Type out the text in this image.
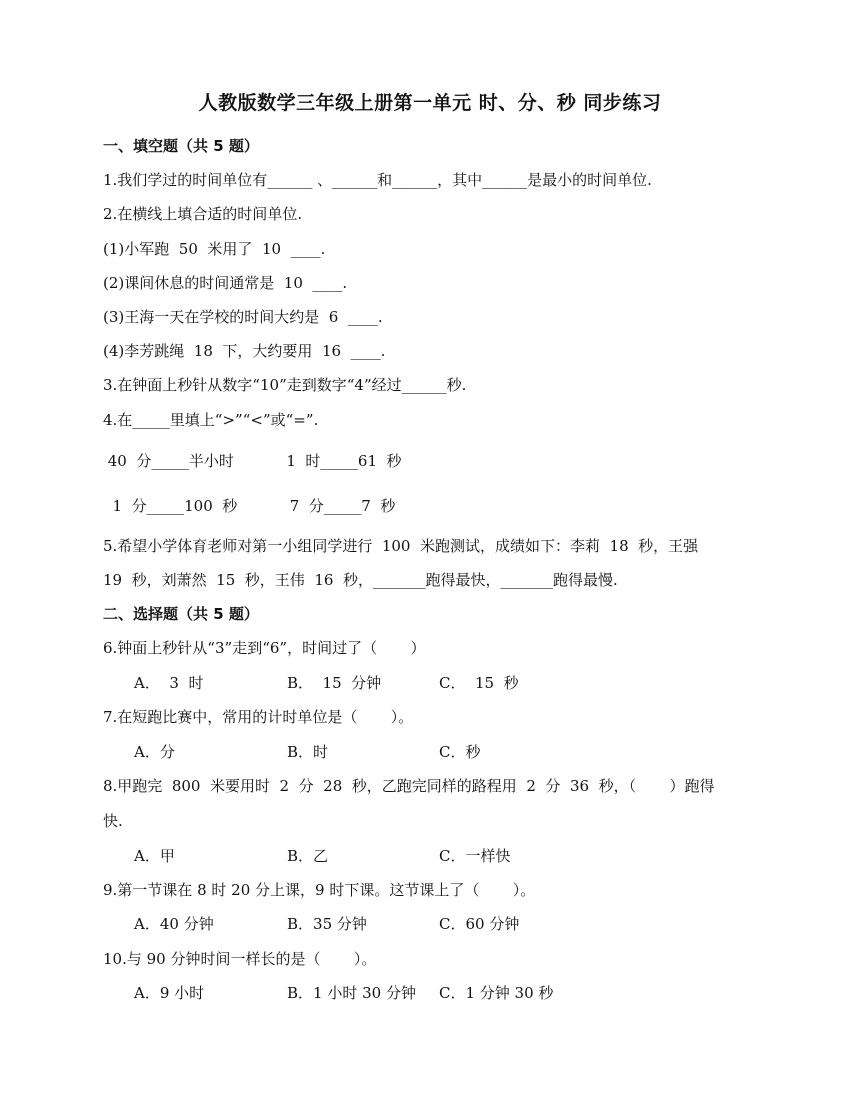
人教版数学三年级上册第一单元 时、分、秒 同步练习
一、填空题（共 5 题）
1.我们学过的时间单位有______ 、______和______，其中______是最小的时间单位.
2.在横线上填合适的时间单位.
(1)小军跑  50  米用了  10  ____.
(2)课间休息的时间通常是  10  ____.
(3)王海一天在学校的时间大约是  6  ____.
(4)李芳跳绳  18  下，大约要用  16  ____.
3.在钟面上秒针从数字“10”走到数字“4”经过______秒.
4.在_____里填上“>”“<”或“=”.
40  分_____半小时           1  时_____61  秒
1  分_____100  秒           7  分_____7  秒
5.希望小学体育老师对第一小组同学进行  100  米跑测试，成绩如下：李莉  18  秒，王强
19  秒，刘萧然  15  秒，王伟  16  秒，_______跑得最快，_______跑得最慢.
二、选择题（共 5 题）
6.钟面上秒针从“3”走到“6”，时间过了（       ）
A．  3  时	B．  15  分钟	C．  15  秒
7.在短跑比赛中，常用的计时单位是（       ）。
A．分	B．时	C．秒
8.甲跑完  800  米要用时  2  分  28  秒，乙跑完同样的路程用  2  分  36  秒，（       ）跑得
快.
A．甲	B．乙	C．一样快
9.第一节课在 8 时 20 分上课，9 时下课。这节课上了（       ）。
A．40 分钟	B．35 分钟	C．60 分钟
10.与 90 分钟时间一样长的是（       ）。
A．9 小时	B．1 小时 30 分钟 C．1 分钟 30 秒
